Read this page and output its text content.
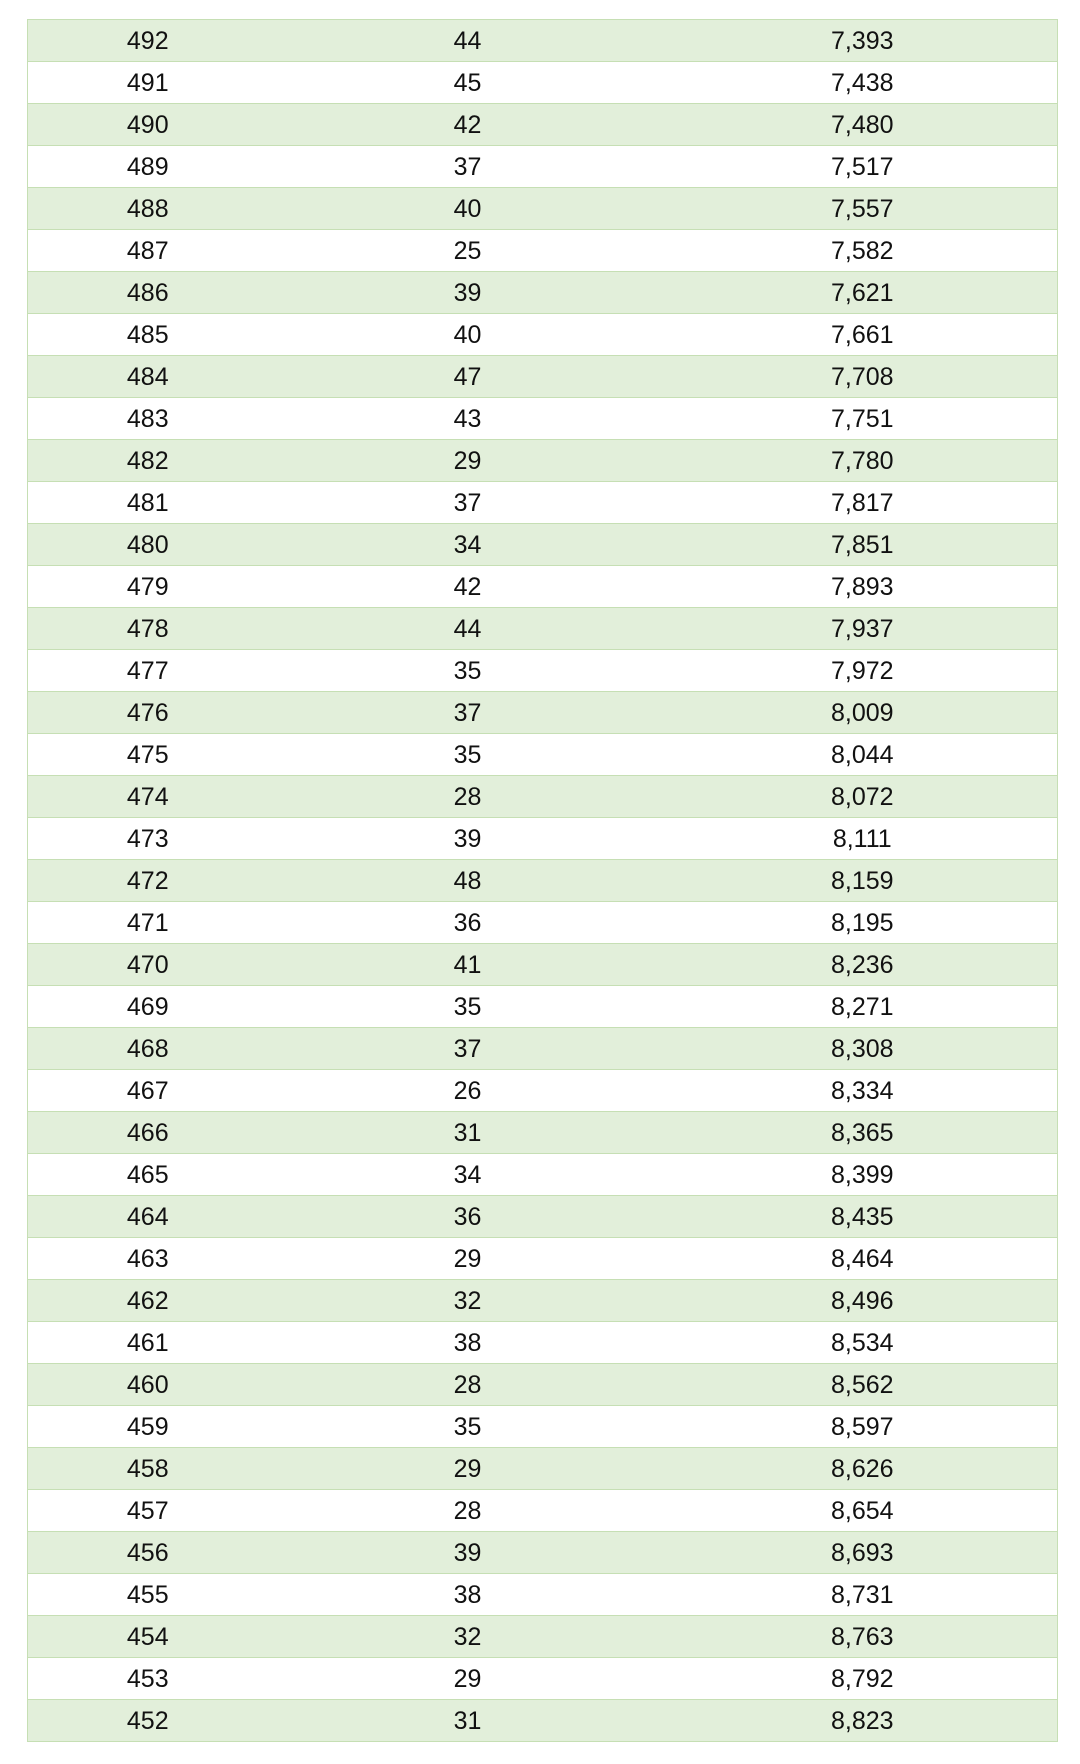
492	44	7,393
491	45	7,438
490	42	7,480
489	37	7,517
488	40	7,557
487	25	7,582
486	39	7,621
485	40	7,661
484	47	7,708
483	43	7,751
482	29	7,780
481	37	7,817
480	34	7,851
479	42	7,893
478	44	7,937
477	35	7,972
476	37	8,009
475	35	8,044
474	28	8,072
473	39	8,111
472	48	8,159
471	36	8,195
470	41	8,236
469	35	8,271
468	37	8,308
467	26	8,334
466	31	8,365
465	34	8,399
464	36	8,435
463	29	8,464
462	32	8,496
461	38	8,534
460	28	8,562
459	35	8,597
458	29	8,626
457	28	8,654
456	39	8,693
455	38	8,731
454	32	8,763
453	29	8,792
452	31	8,823
